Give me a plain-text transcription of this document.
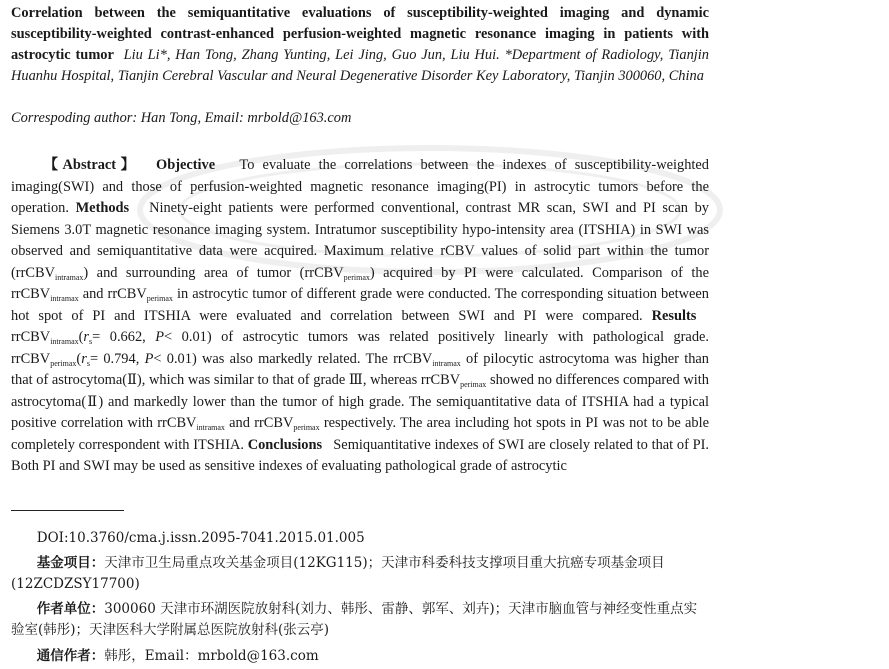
Correlation between the semiquantitative evaluations of susceptibility-weighted imaging and dynamic susceptibility-weighted contrast-enhanced perfusion-weighted magnetic resonance imaging in patients with astrocytic tumor Liu Li*, Han Tong, Zhang Yunting, Lei Jing, Guo Jun, Liu Hui. *Department of Radiology, Tianjin Huanhu Hospital, Tianjin Cerebral Vascular and Neural Degenerative Disorder Key Laboratory, Tianjin 300060, China
Correspoding author: Han Tong, Email: mrbold@163.com
【Abstract】 Objective To evaluate the correlations between the indexes of susceptibility-weighted imaging(SWI) and those of perfusion-weighted magnetic resonance imaging(PI) in astrocytic tumors before the operation. Methods Ninety-eight patients were performed conventional, contrast MR scan, SWI and PI scan by Siemens 3.0T magnetic resonance imaging system. Intratumor susceptibility hypo-intensity area (ITSHIA) in SWI was observed and semiquantitative data were acquired. Maximum relative rCBV values of solid part within the tumor (rrCBV$_{intramax}$) and surrounding area of tumor (rrCBV$_{perimax}$) acquired by PI were calculated. Comparison of the rrCBV$_{intramax}$ and rrCBV$_{perimax}$ in astrocytic tumor of different grade were conducted. The corresponding situation between hot spot of PI and ITSHIA were evaluated and correlation between SWI and PI were compared. Results   $rrCBV_{intramax}(r_s= 0.662$, P< 0.01) of astrocytic tumors was related positively linearly with pathological grade. $rrCBV_{perimax}(r_s= 0.794$, P< 0.01) was also markedly related. The rrCBV$_{intramax}$ of pilocytic astrocytoma was higher than that of astrocytoma(Ⅱ), which was similar to that of grade Ⅲ, whereas rrCBV$_{perimax}$ showed no differences compared with astrocytoma(Ⅱ) and markedly lower than the tumor of high grade. The semiquantitative data of ITSHIA had a typical positive correlation with rrCBV$_{intramax}$ and rrCBV$_{perimax}$ respectively. The area including hot spots in PI was not to be able completely correspondent with ITSHIA. Conclusions Semiquantitative indexes of SWI are closely related to that of PI. Both PI and SWI may be used as sensitive indexes of evaluating pathological grade of astrocytic
DOI:10.3760/cma.j.issn.2095-7041.2015.01.005
基金项目：天津市卫生局重点攻关基金项目(12KG115)；天津市科委科技支撑项目重大抗癌专项基金项目(12ZCDZSY17700)
作者单位：300060 天津市环湖医院放射科(刘力、韩彤、雷静、郭军、刘卉)；天津市脑血管与神经变性重点实验室(韩彤)；天津医科大学附属总医院放射科(张云亭)
通信作者：韩彤，Email：mrbold@163.com
